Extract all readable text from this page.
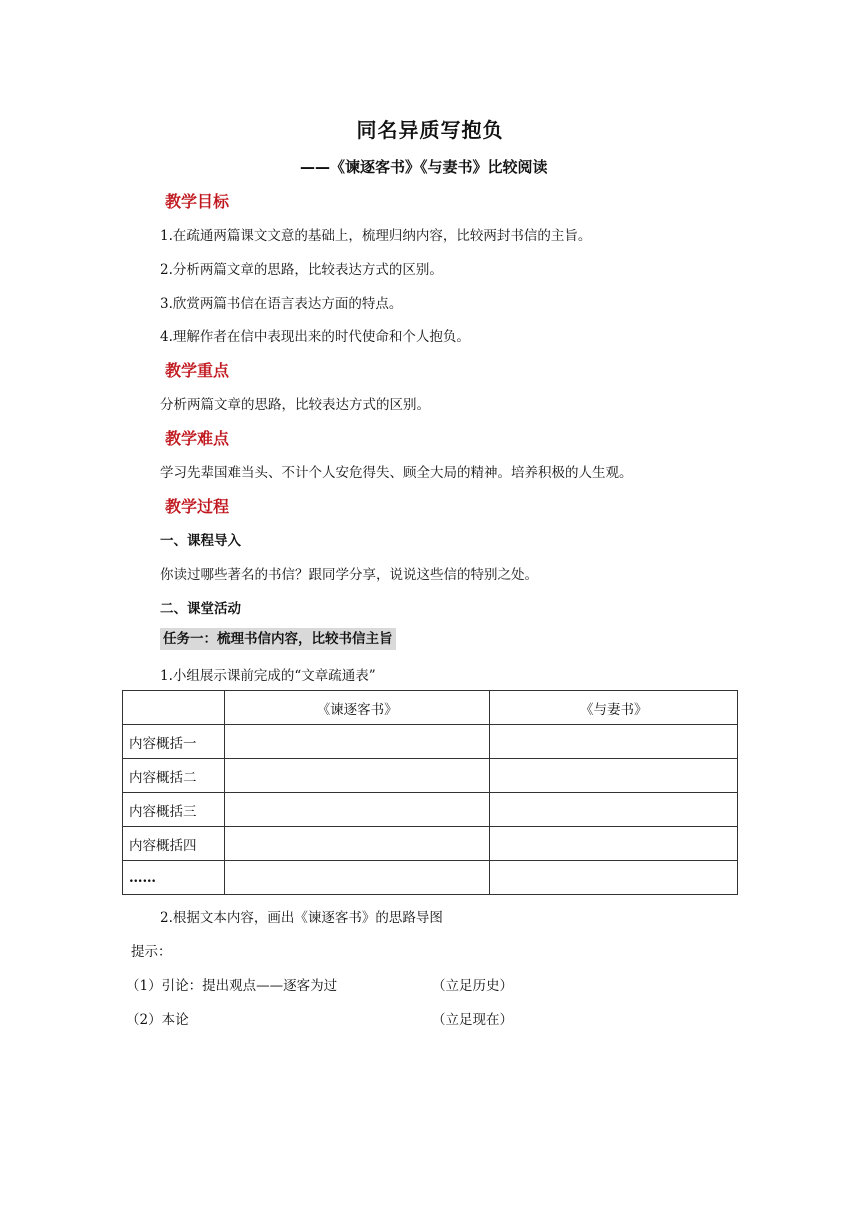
同名异质写抱负
——《谏逐客书》《与妻书》比较阅读
教学目标
1.在疏通两篇课文文意的基础上，梳理归纳内容，比较两封书信的主旨。
2.分析两篇文章的思路，比较表达方式的区别。
3.欣赏两篇书信在语言表达方面的特点。
4.理解作者在信中表现出来的时代使命和个人抱负。
教学重点
分析两篇文章的思路，比较表达方式的区别。
教学难点
学习先辈国难当头、不计个人安危得失、顾全大局的精神。培养积极的人生观。
教学过程
一、课程导入
你读过哪些著名的书信？跟同学分享，说说这些信的特别之处。
二、课堂活动
任务一：梳理书信内容，比较书信主旨
1.小组展示课前完成的“文章疏通表”
	《谏逐客书》	《与妻书》
内容概括一		
内容概括二		
内容概括三		
内容概括四		
……		
2.根据文本内容，画出《谏逐客书》的思路导图
提示：
（1）引论：提出观点——逐客为过	（立足历史）
（2）本论	（立足现在）
